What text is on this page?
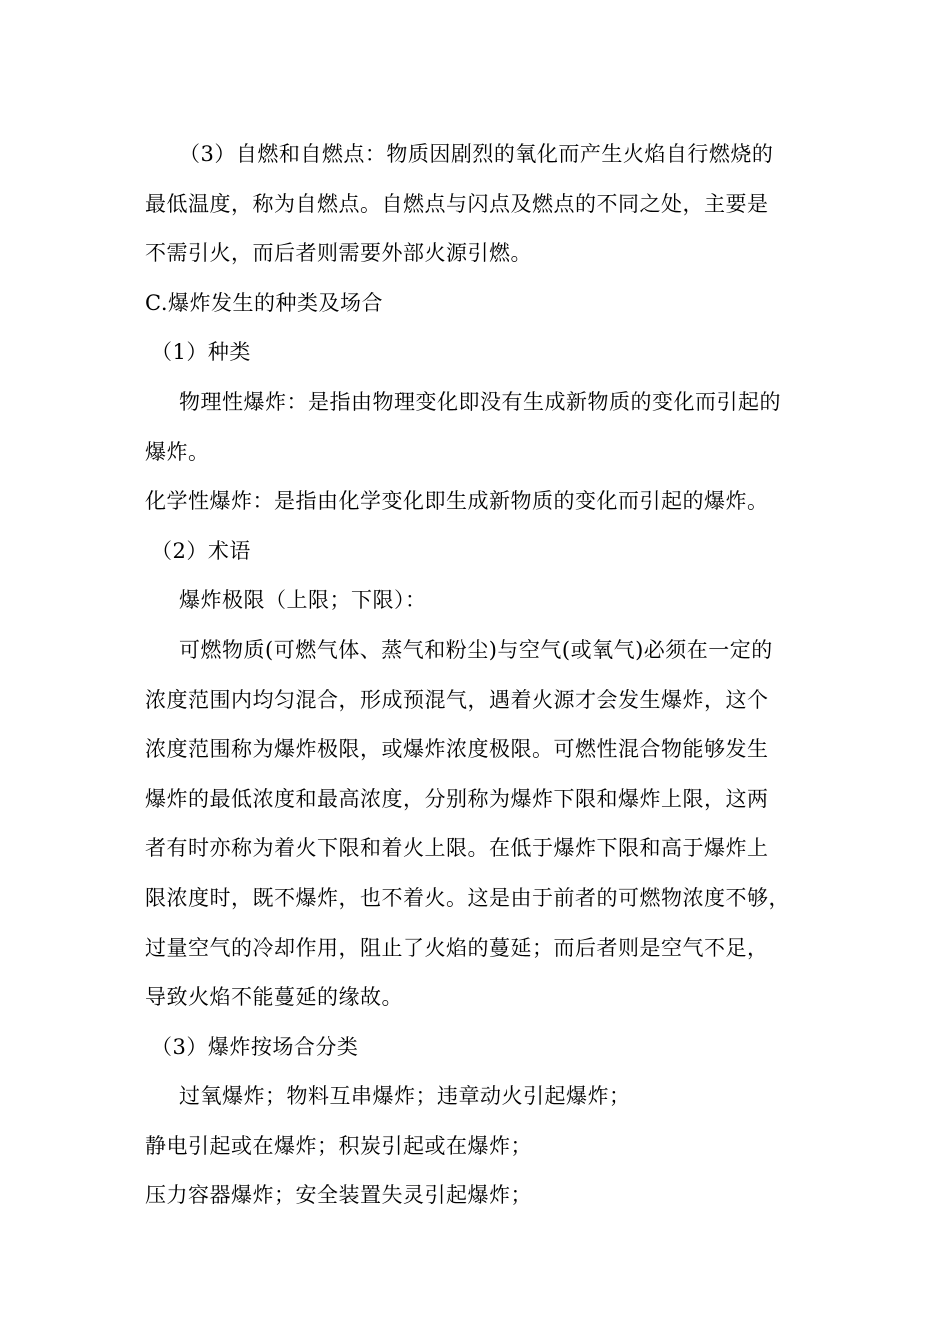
（3）自燃和自燃点：物质因剧烈的氧化而产生火焰自行燃烧的
最低温度，称为自燃点。自燃点与闪点及燃点的不同之处，主要是
不需引火，而后者则需要外部火源引燃。
C.爆炸发生的种类及场合
（1）种类
物理性爆炸：是指由物理变化即没有生成新物质的变化而引起的
爆炸。
化学性爆炸：是指由化学变化即生成新物质的变化而引起的爆炸。
（2）术语
爆炸极限（上限；下限）：
可燃物质(可燃气体、蒸气和粉尘)与空气(或氧气)必须在一定的
浓度范围内均匀混合，形成预混气，遇着火源才会发生爆炸，这个
浓度范围称为爆炸极限，或爆炸浓度极限。可燃性混合物能够发生
爆炸的最低浓度和最高浓度，分别称为爆炸下限和爆炸上限，这两
者有时亦称为着火下限和着火上限。在低于爆炸下限和高于爆炸上
限浓度时，既不爆炸，也不着火。这是由于前者的可燃物浓度不够，
过量空气的冷却作用，阻止了火焰的蔓延；而后者则是空气不足，
导致火焰不能蔓延的缘故。
（3）爆炸按场合分类
过氧爆炸；物料互串爆炸；违章动火引起爆炸；
静电引起或在爆炸；积炭引起或在爆炸；
压力容器爆炸；安全装置失灵引起爆炸；
